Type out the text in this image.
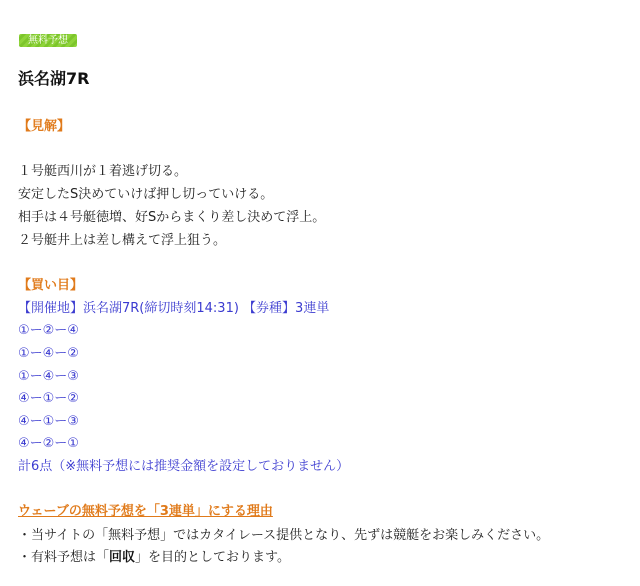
無料予想
浜名湖7R
【見解】
１号艇西川が１着逃げ切る。
安定したS決めていけば押し切っていける。
相手は４号艇徳増、好Sからまくり差し決めて浮上。
２号艇井上は差し構えて浮上狙う。
【買い目】
【開催地】浜名湖7R(締切時刻14:31) 【券種】3連単
①ー②ー④
①ー④ー②
①ー④ー③
④ー①ー②
④ー①ー③
④ー②ー①
計6点（※無料予想には推奨金額を設定しておりません）
ウェーブの無料予想を「3連単」にする理由
・当サイトの「無料予想」ではカタイレース提供となり、先ずは競艇をお楽しみください。
・有料予想は「回収」を目的としております。
